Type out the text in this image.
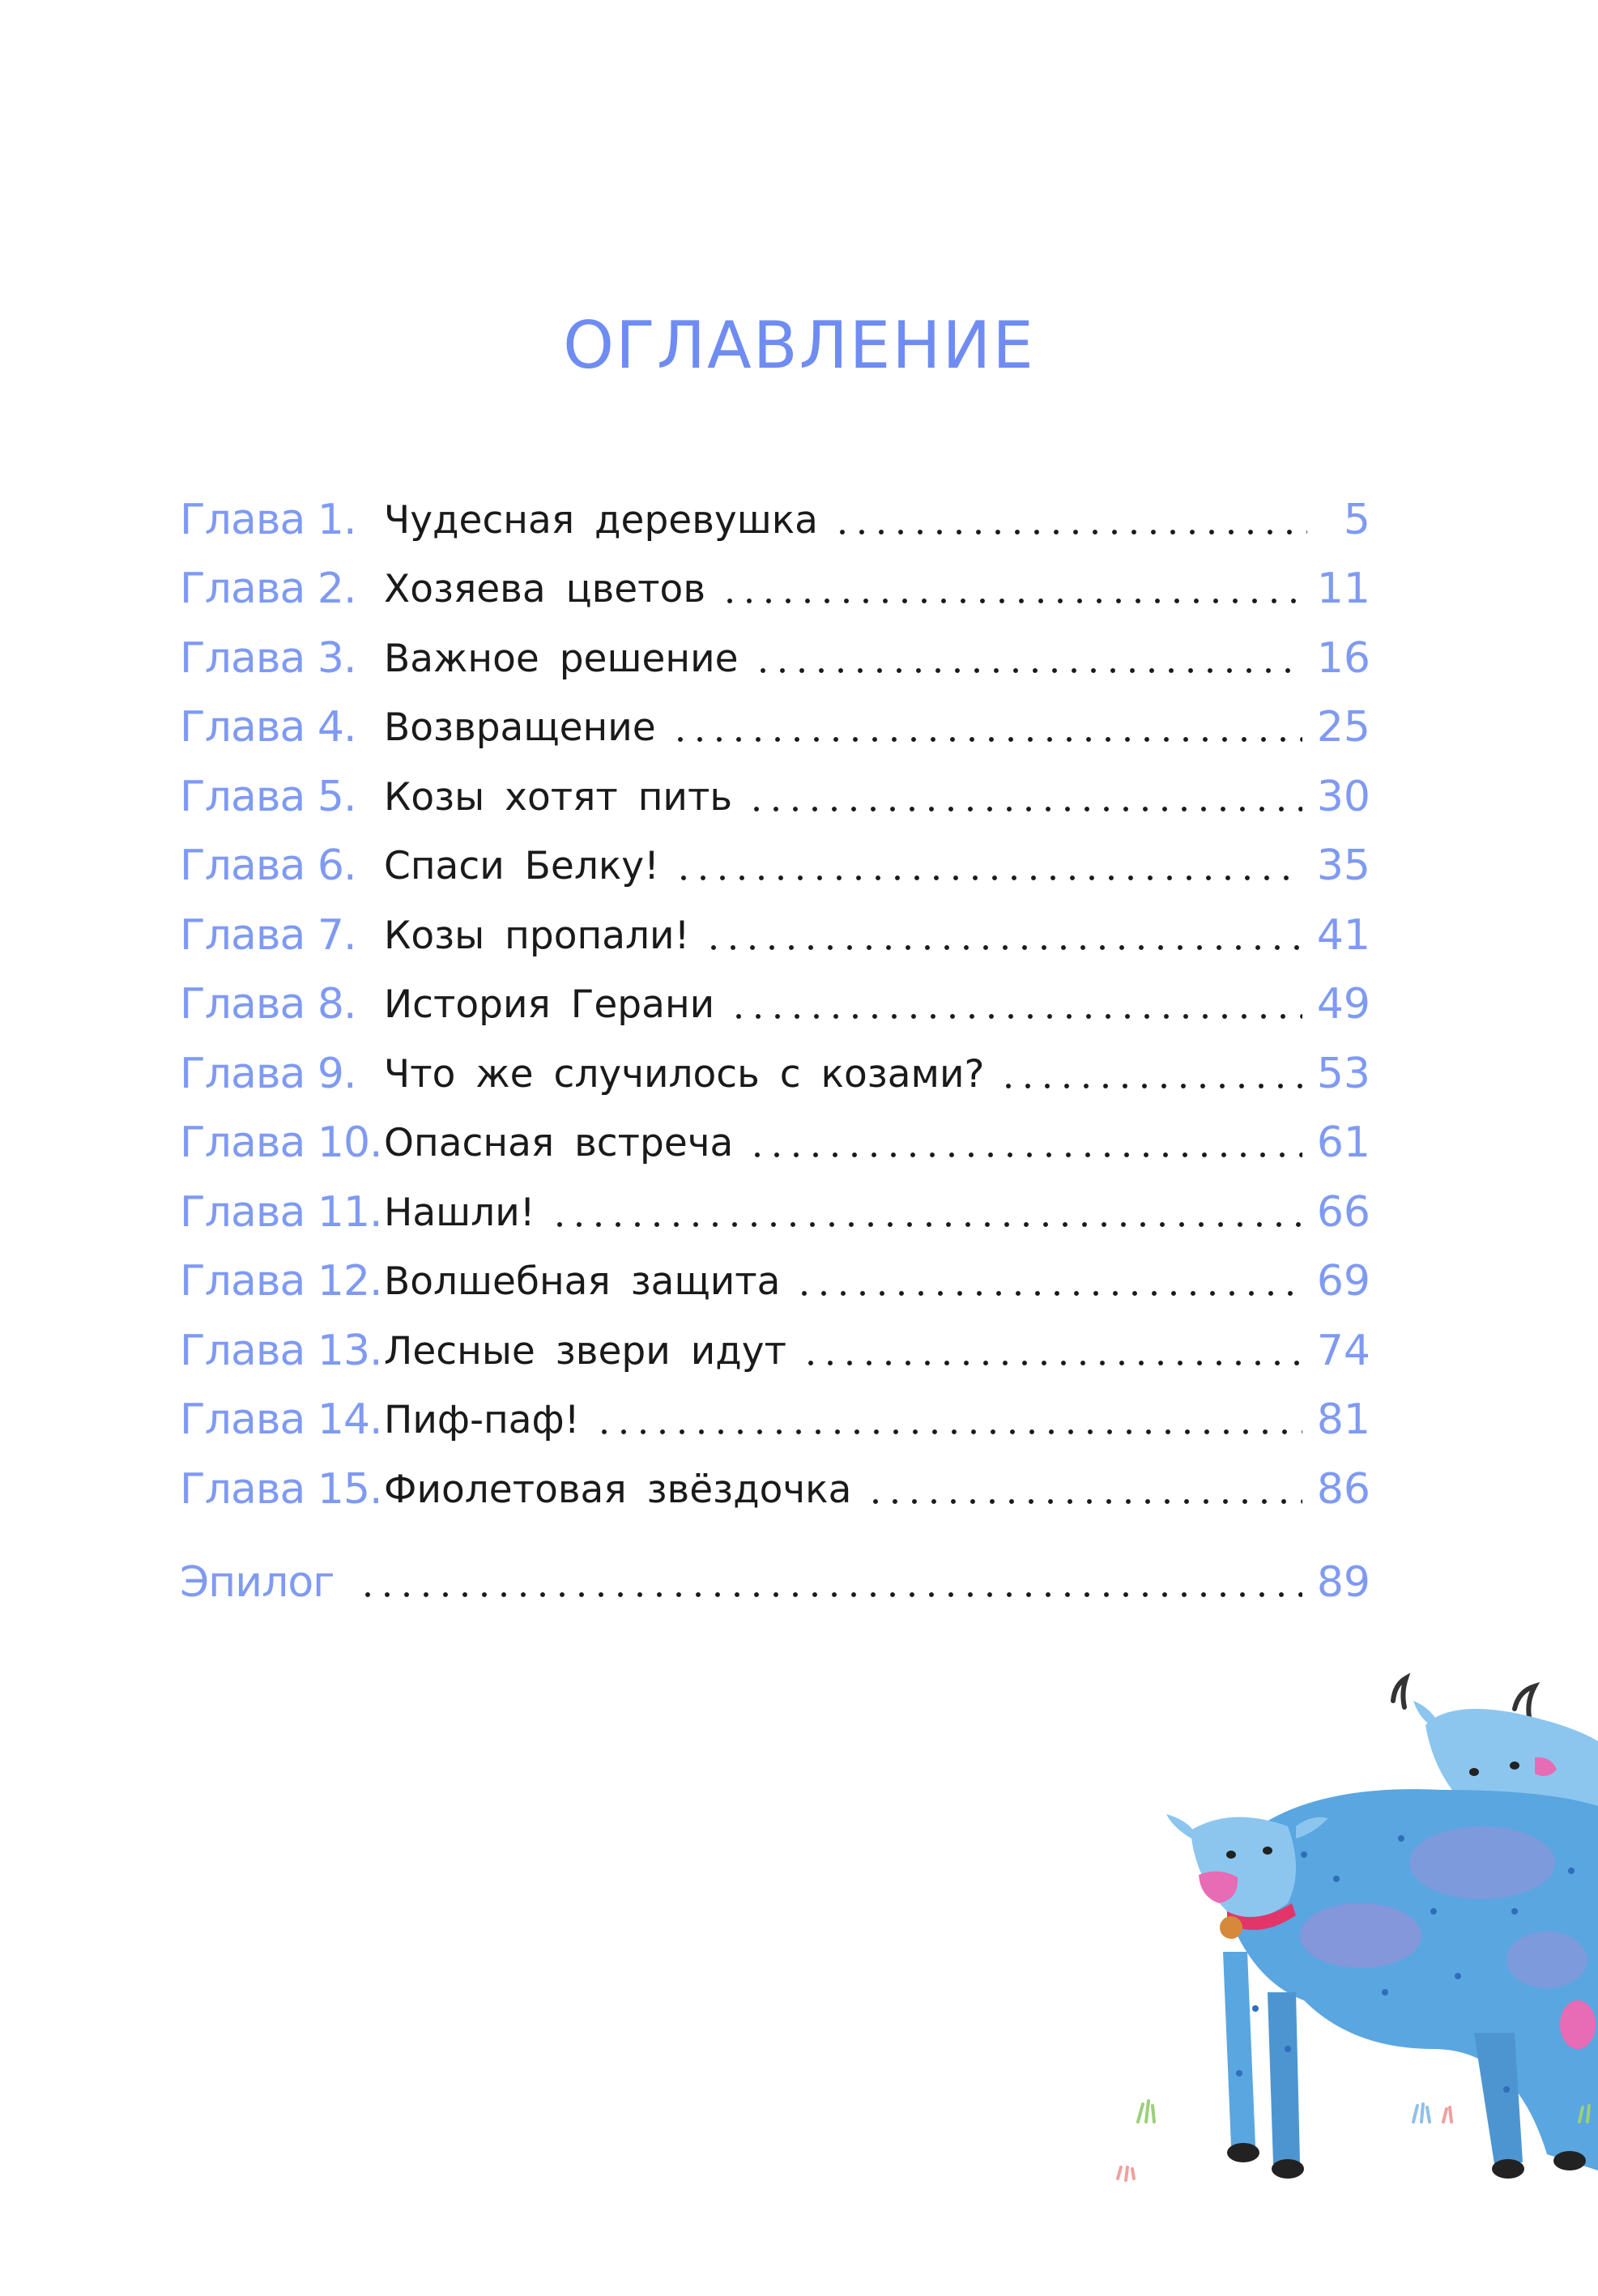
ОГЛАВЛЕНИЕ
Глава 1. Чудесная деревушка	5
Глава 2. Хозяева цветов	11
Глава 3. Важное решение	16
Глава 4. Возвращение	25
Глава 5. Козы хотят пить	30
Глава 6. Спаси Белку!	35
Глава 7. Козы пропали!	41
Глава 8. История Герани	49
Глава 9. Что же случилось с козами?	53
Глава 10. Опасная встреча	61
Глава 11. Нашли!	66
Глава 12. Волшебная защита	69
Глава 13. Лесные звери идут	74
Глава 14. Пиф-паф!	81
Глава 15. Фиолетовая звёздочка	86
Эпилог	89
